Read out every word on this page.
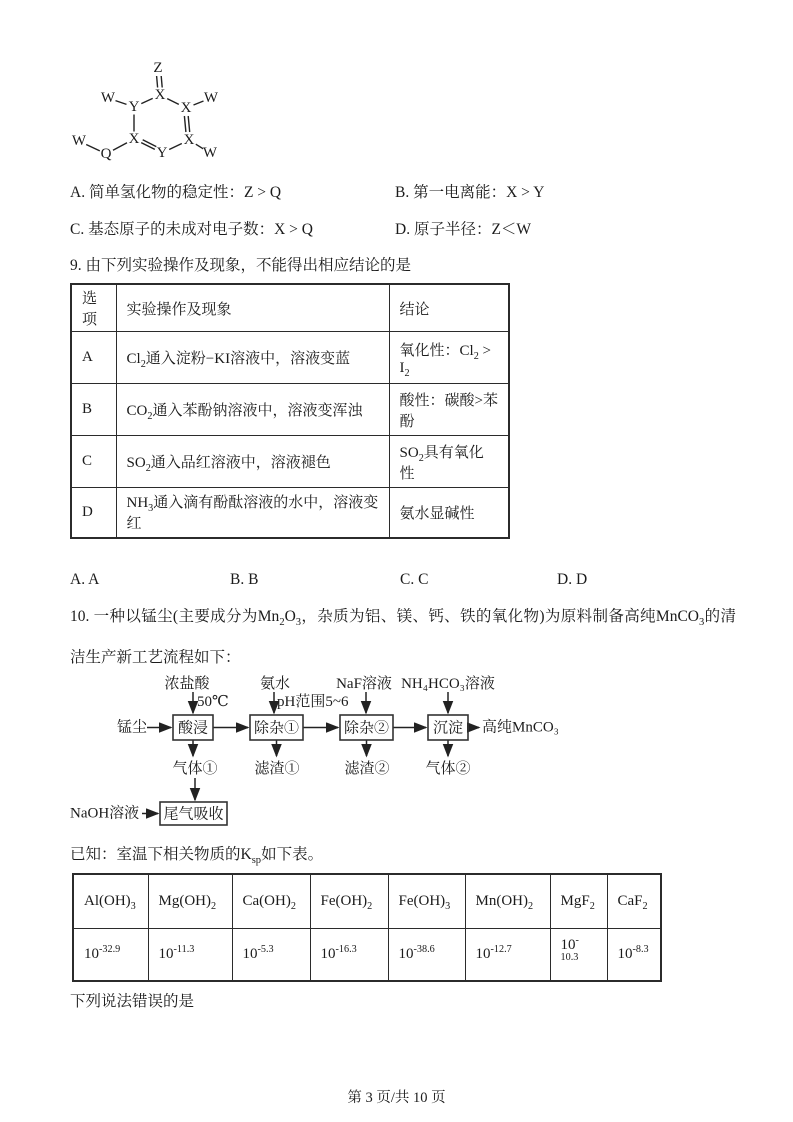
Z
X
X
X
Y
X
Y
W	W
W
Q
W
A. 简单氢化物的稳定性：Z > Q	B. 第一电离能：X > Y
C. 基态原子的未成对电子数：X > Q	D. 原子半径：Z＜W
9. 由下列实验操作及现象，不能得出相应结论的是
选项	实验操作及现象	结论
A	$Cl_2$通入淀粉−KI溶液中，溶液变蓝	氧化性：$Cl_2 > I_2$
B	$CO_2$通入苯酚钠溶液中，溶液变浑浊	酸性：碳酸>苯酚
C	$SO_2$通入品红溶液中，溶液褪色	$SO_2$具有氧化性
D	$NH_3$通入滴有酚酞溶液的水中，溶液变红	氨水显碱性
A. A	B. B	C. C	D. D
10. 一种以锰尘(主要成分为$Mn_2O_3$，杂质为铝、镁、钙、铁的氧化物)为原料制备高纯MnCO$_3$的清洁生产新工艺流程如下：
浓盐酸
50℃
氨水
pH范围5~6
NaF溶液 NH₄HCO₃溶液
锰尘 酸浸	除杂①	除杂②	沉淀 高纯MnCO₃
气体① 滤渣①	滤渣② 气体②
NaOH溶液 尾气吸收
已知：室温下相关物质的$K_{sp}$如下表。
$Al(OH)_3$	$Mg(OH)_2$	$Ca(OH)_2$	$Fe(OH)_2$	$Fe(OH)_3$	$Mn(OH)_2$	MgF$_2$	CaF$_2$
$10^{-32.9}$	$10^{-11.3}$	$10^{-5.3}$	$10^{-16.3}$	$10^{-38.6}$	$10^{-12.7}$	$10^{-10.3}$	$10^{-8.3}$
下列说法错误的是
第 3 页/共 10 页
